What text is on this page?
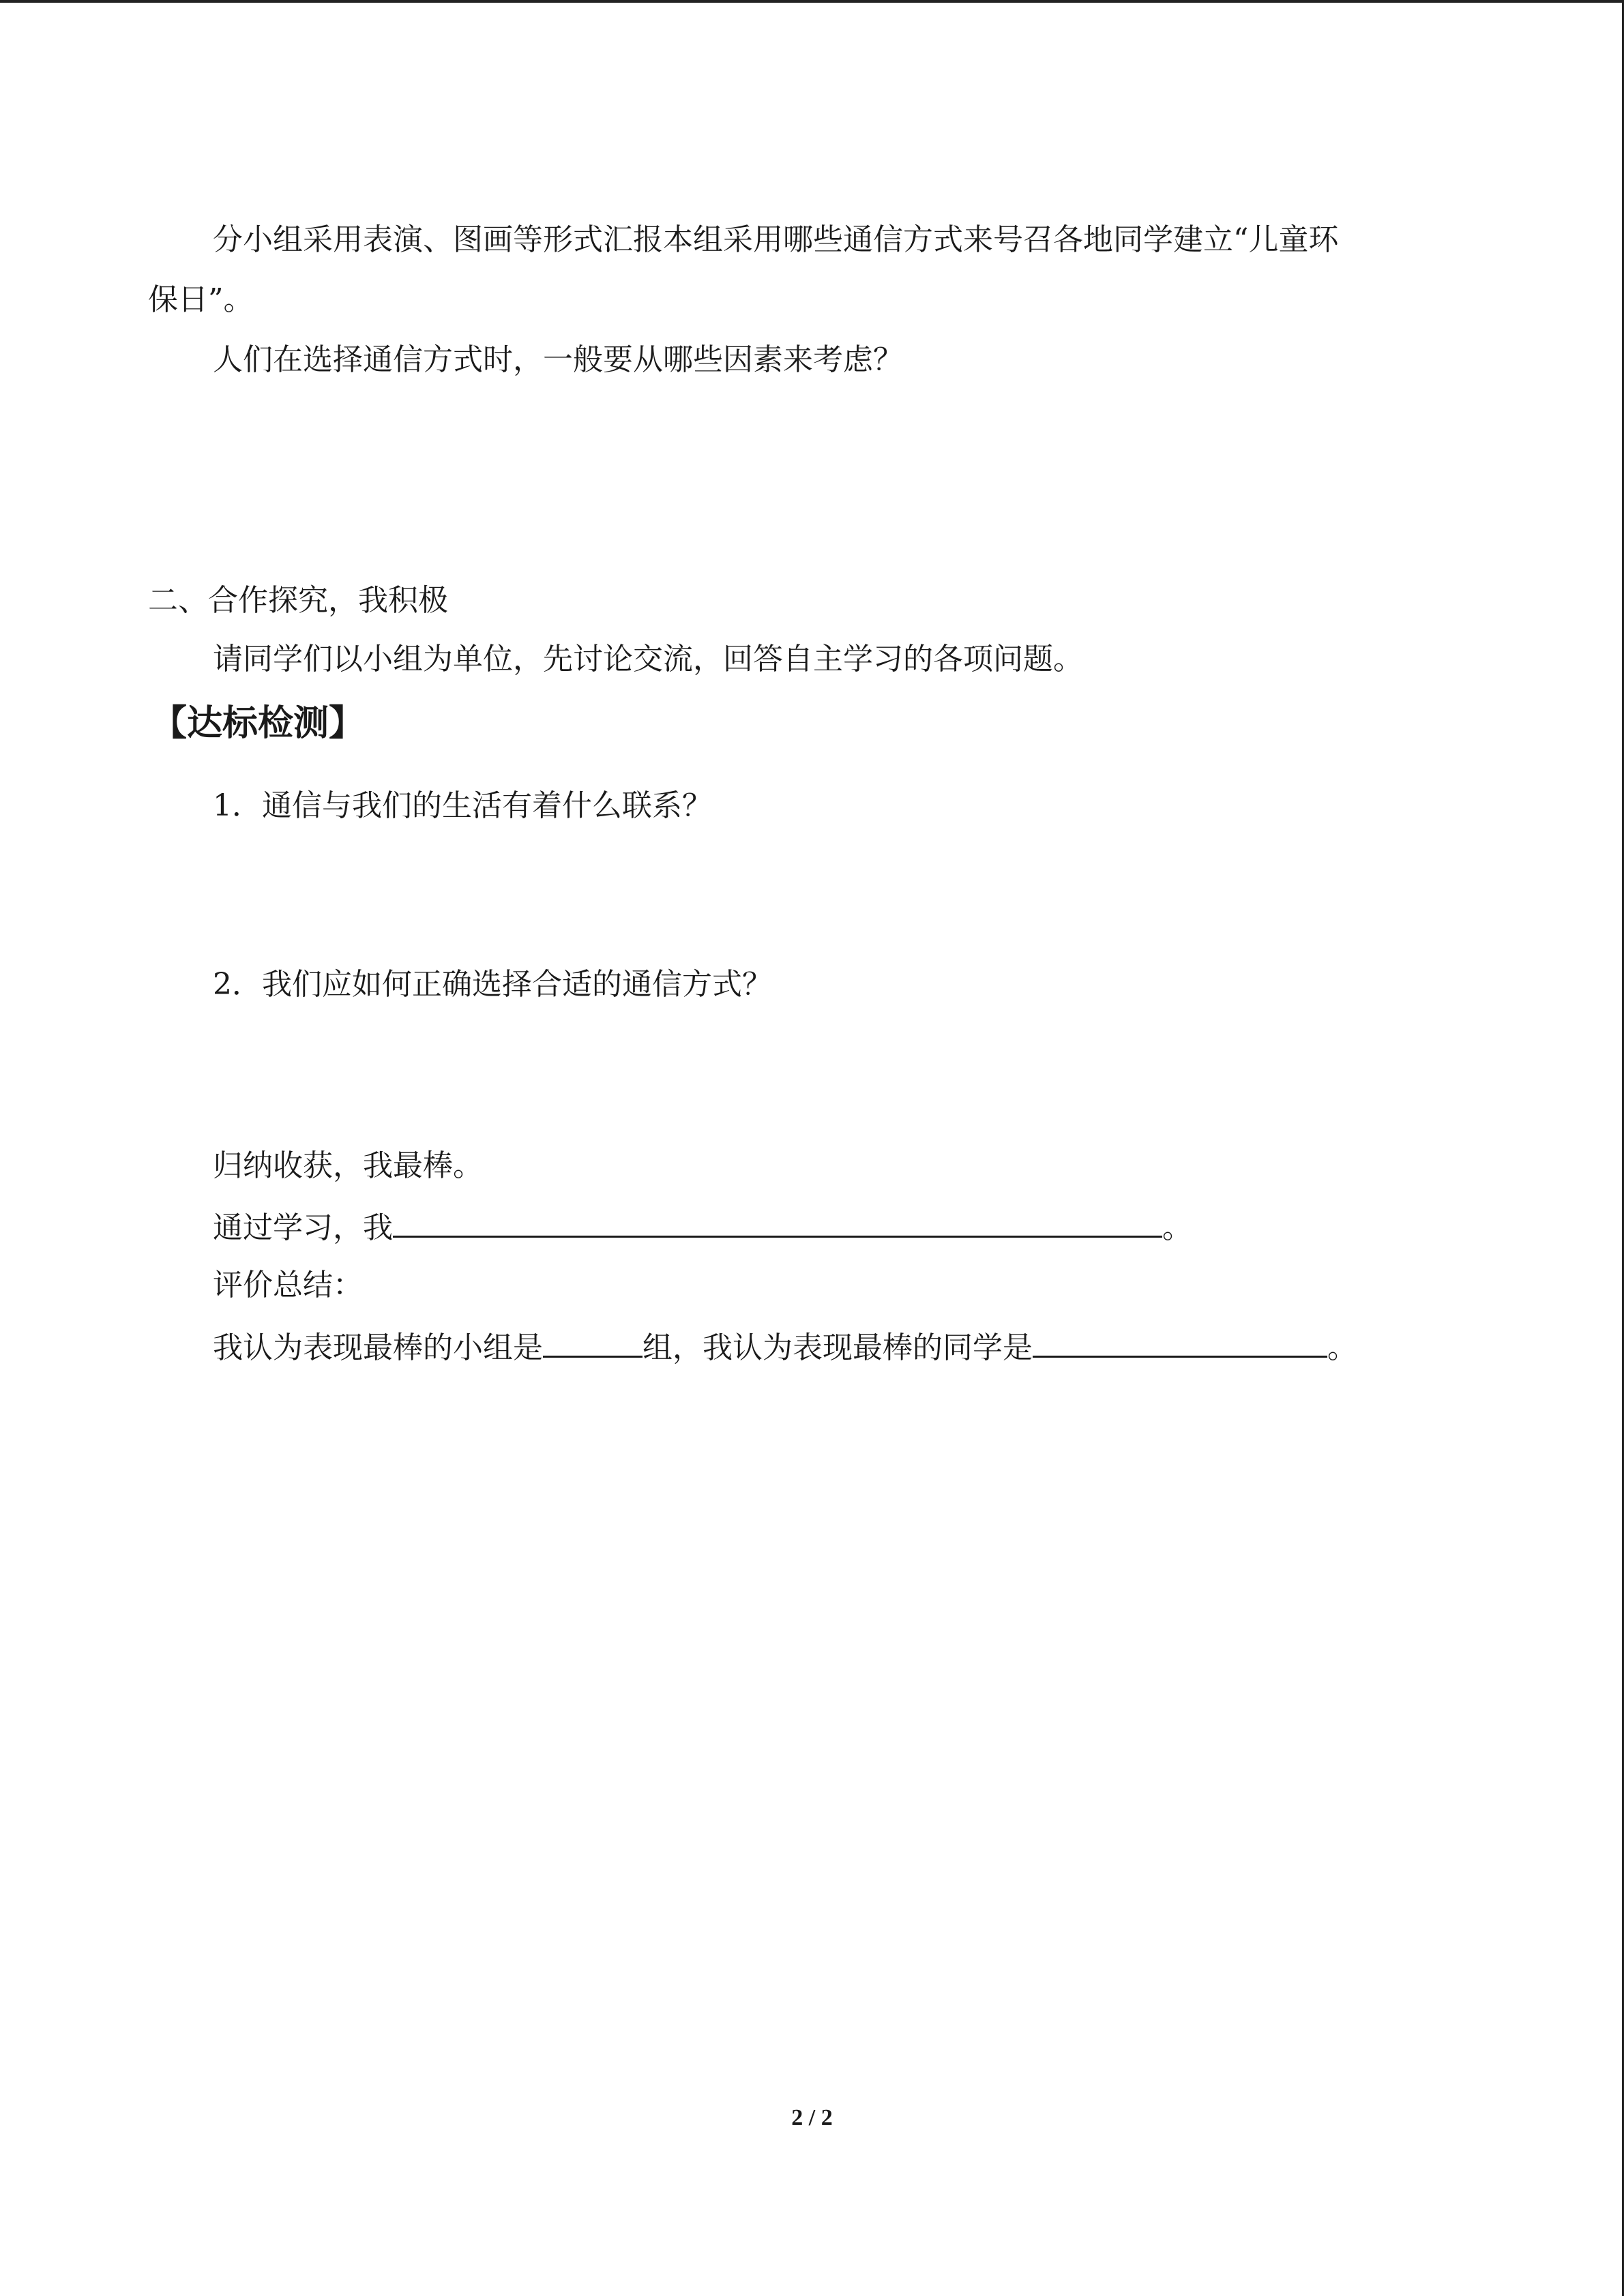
分小组采用表演、图画等形式汇报本组采用哪些通信方式来号召各地同学建立“儿童环
保日”。
人们在选择通信方式时，一般要从哪些因素来考虑？
二、合作探究，我积极
请同学们以小组为单位，先讨论交流，回答自主学习的各项问题。
【达标检测】
1．通信与我们的生活有着什么联系？
2．我们应如何正确选择合适的通信方式？
归纳收获，我最棒。
通过学习，我	。
评价总结：
我认为表现最棒的小组是	组，我认为表现最棒的同学是	。
2 / 2
